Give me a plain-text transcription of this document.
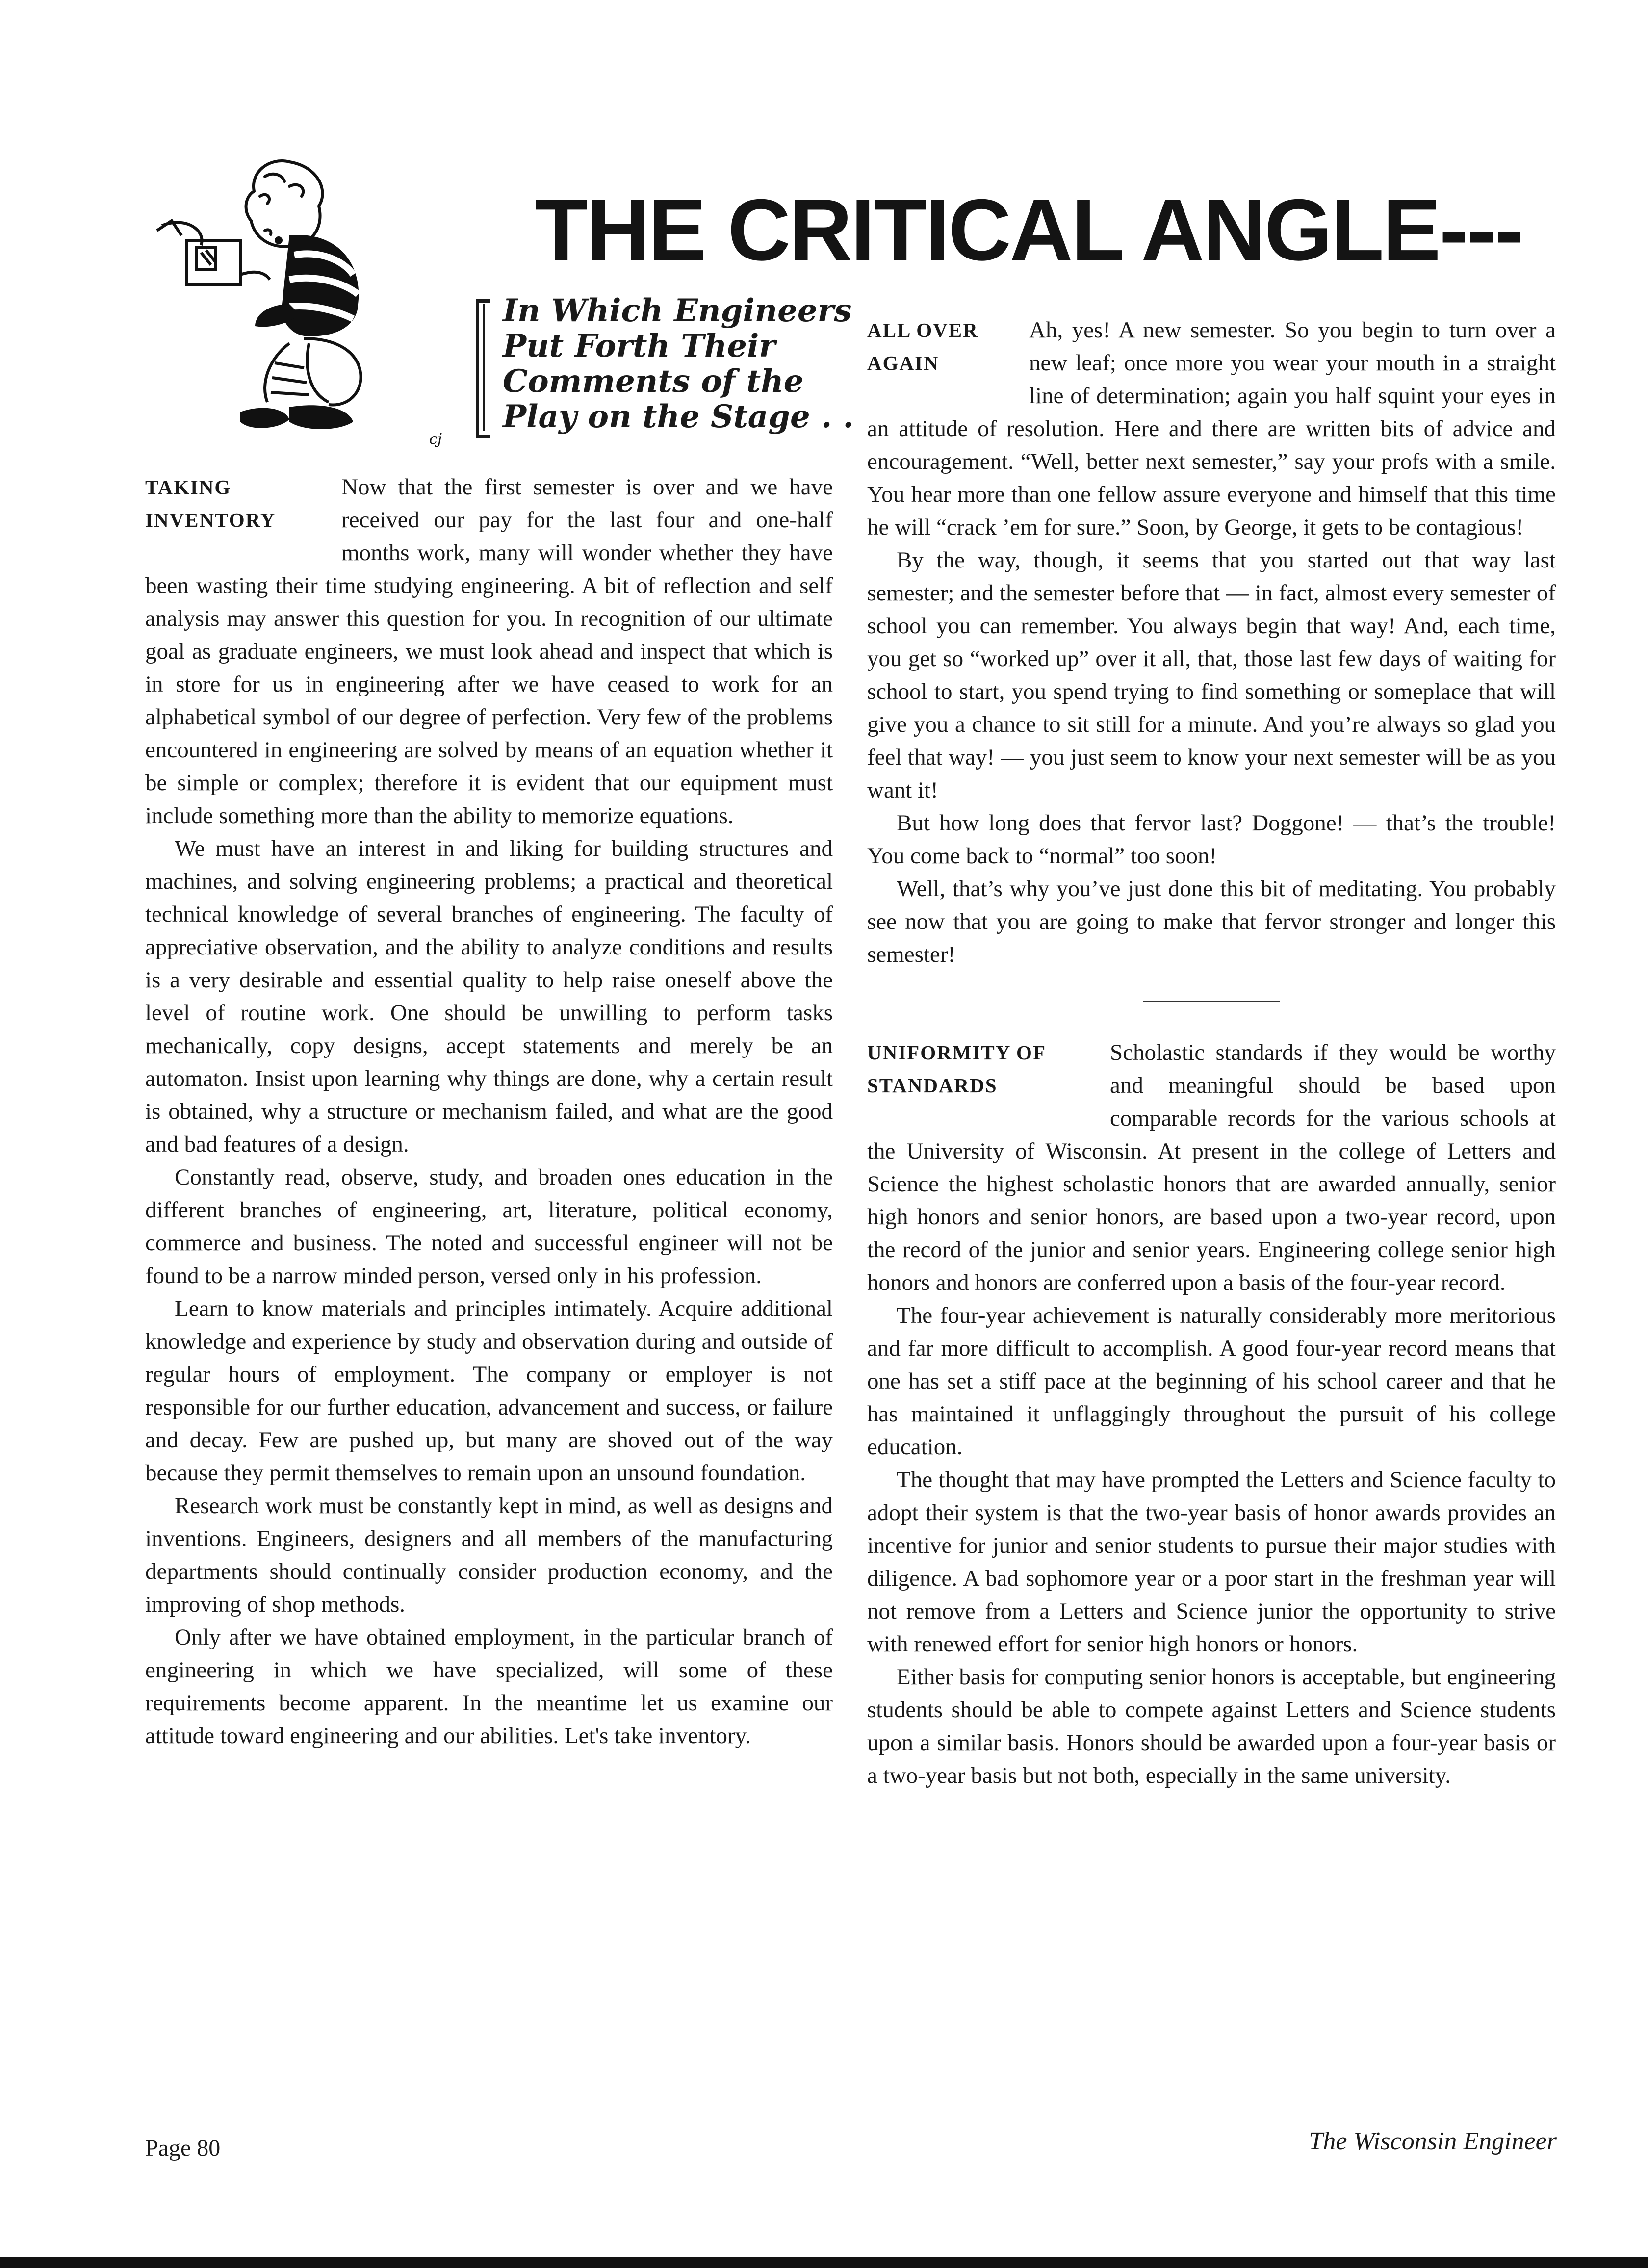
cj
THE CRITICAL ANGLE---
In Which Engineers
Put Forth Their
Comments of the
Play on the Stage . .
TAKING
INVENTORY

Now that the first semester is over and we have received our pay for the last four and one-half months work, many will wonder whether they have been wasting their time studying engineering. A bit of reflection and self analysis may answer this question for you. In recognition of our ultimate goal as graduate engineers, we must look ahead and inspect that which is in store for us in engineering after we have ceased to work for an alphabetical symbol of our degree of perfection. Very few of the problems encountered in engineering are solved by means of an equation whether it be simple or complex; therefore it is evident that our equipment must include something more than the ability to memorize equations.

We must have an interest in and liking for building structures and machines, and solving engineering problems; a practical and theoretical technical knowledge of several branches of engineering. The faculty of appreciative observation, and the ability to analyze conditions and results is a very desirable and essential quality to help raise oneself above the level of routine work. One should be unwilling to perform tasks mechanically, copy designs, accept statements and merely be an automaton. Insist upon learning why things are done, why a certain result is obtained, why a structure or mechanism failed, and what are the good and bad features of a design.

Constantly read, observe, study, and broaden ones education in the different branches of engineering, art, literature, political economy, commerce and business. The noted and successful engineer will not be found to be a narrow minded person, versed only in his profession.

Learn to know materials and principles intimately. Acquire additional knowledge and experience by study and observation during and outside of regular hours of employment. The company or employer is not responsible for our further education, advancement and success, or failure and decay. Few are pushed up, but many are shoved out of the way because they permit themselves to remain upon an unsound foundation.

Research work must be constantly kept in mind, as well as designs and inventions. Engineers, designers and all members of the manufacturing departments should continually consider production economy, and the improving of shop methods.

Only after we have obtained employment, in the particular branch of engineering in which we have specialized, will some of these requirements become apparent. In the meantime let us examine our attitude toward engineering and our abilities. Let's take inventory.

ALL OVER
AGAIN

Ah, yes! A new semester. So you begin to turn over a new leaf; once more you wear your mouth in a straight line of determination; again you half squint your eyes in an attitude of resolution. Here and there are written bits of advice and encouragement. “Well, better next semester,” say your profs with a smile. You hear more than one fellow assure everyone and himself that this time he will “crack ’em for sure.” Soon, by George, it gets to be contagious!

By the way, though, it seems that you started out that way last semester; and the semester before that — in fact, almost every semester of school you can remember. You always begin that way! And, each time, you get so “worked up” over it all, that, those last few days of waiting for school to start, you spend trying to find something or someplace that will give you a chance to sit still for a minute. And you’re always so glad you feel that way! — you just seem to know your next semester will be as you want it!

But how long does that fervor last? Doggone! — that’s the trouble! You come back to “normal” too soon!

Well, that’s why you’ve just done this bit of meditating. You probably see now that you are going to make that fervor stronger and longer this semester!

UNIFORMITY OF
STANDARDS

Scholastic standards if they would be worthy and meaningful should be based upon comparable records for the various schools at the University of Wisconsin. At present in the college of Letters and Science the highest scholastic honors that are awarded annually, senior high honors and senior honors, are based upon a two-year record, upon the record of the junior and senior years. Engineering college senior high honors and honors are conferred upon a basis of the four-year record.

The four-year achievement is naturally considerably more meritorious and far more difficult to accomplish. A good four-year record means that one has set a stiff pace at the beginning of his school career and that he has maintained it unflaggingly throughout the pursuit of his college education.

The thought that may have prompted the Letters and Science faculty to adopt their system is that the two-year basis of honor awards provides an incentive for junior and senior students to pursue their major studies with diligence. A bad sophomore year or a poor start in the freshman year will not remove from a Letters and Science junior the opportunity to strive with renewed effort for senior high honors or honors.

Either basis for computing senior honors is acceptable, but engineering students should be able to compete against Letters and Science students upon a similar basis. Honors should be awarded upon a four-year basis or a two-year basis but not both, especially in the same university.

Page 80	The Wisconsin Engineer
